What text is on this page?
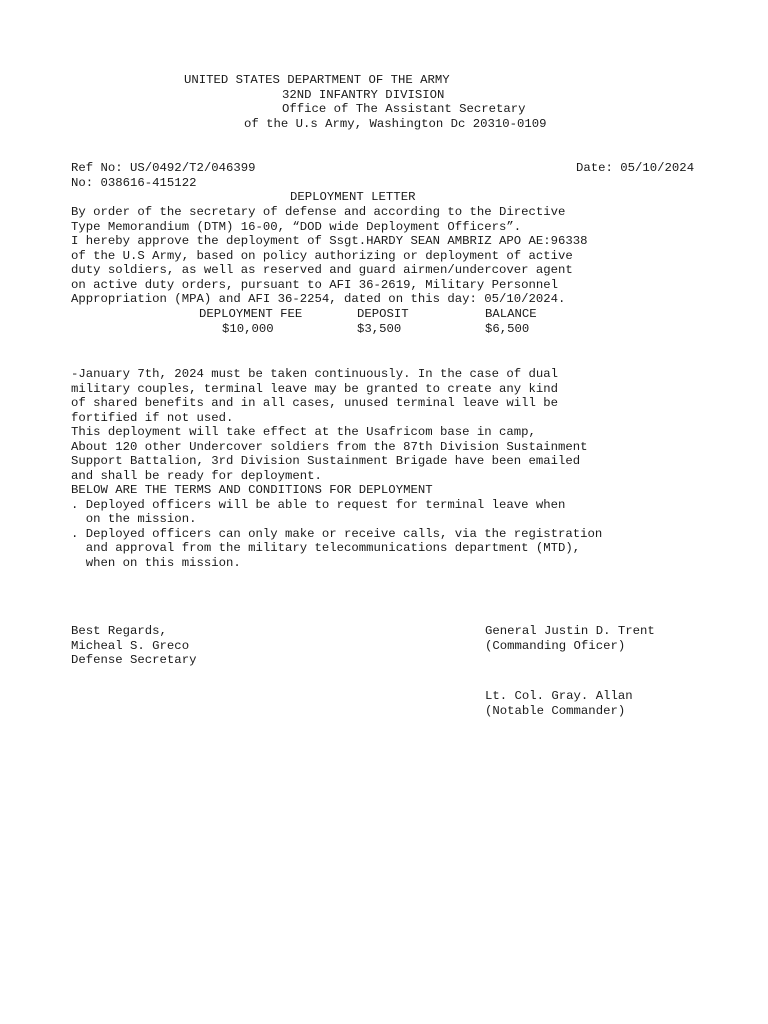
UNITED STATES DEPARTMENT OF THE ARMY
32ND INFANTRY DIVISION
Office of The Assistant Secretary
of the U.s Army, Washington Dc 20310-0109
Ref No: US/0492/T2/046399	Date: 05/10/2024
No: 038616-415122
DEPLOYMENT LETTER
By order of the secretary of defense and according to the Directive
Type Memorandium (DTM) 16-00, “DOD wide Deployment Officers”.
I hereby approve the deployment of Ssgt.HARDY SEAN AMBRIZ APO AE:96338
of the U.S Army, based on policy authorizing or deployment of active
duty soldiers, as well as reserved and guard airmen/undercover agent
on active duty orders, pursuant to AFI 36-2619, Military Personnel
Appropriation (MPA) and AFI 36-2254, dated on this day: 05/10/2024.
DEPLOYMENT FEE	DEPOSIT	BALANCE
$10,000	$3,500	$6,500
-January 7th, 2024 must be taken continuously. In the case of dual
military couples, terminal leave may be granted to create any kind
of shared benefits and in all cases, unused terminal leave will be
fortified if not used.
This deployment will take effect at the Usafricom base in camp,
About 120 other Undercover soldiers from the 87th Division Sustainment
Support Battalion, 3rd Division Sustainment Brigade have been emailed
and shall be ready for deployment.
BELOW ARE THE TERMS AND CONDITIONS FOR DEPLOYMENT
. Deployed officers will be able to request for terminal leave when
on the mission.
. Deployed officers can only make or receive calls, via the registration
and approval from the military telecommunications department (MTD),
when on this mission.
Best Regards,
Micheal S. Greco
Defense Secretary
General Justin D. Trent
(Commanding Oficer)
Lt. Col. Gray. Allan
(Notable Commander)
